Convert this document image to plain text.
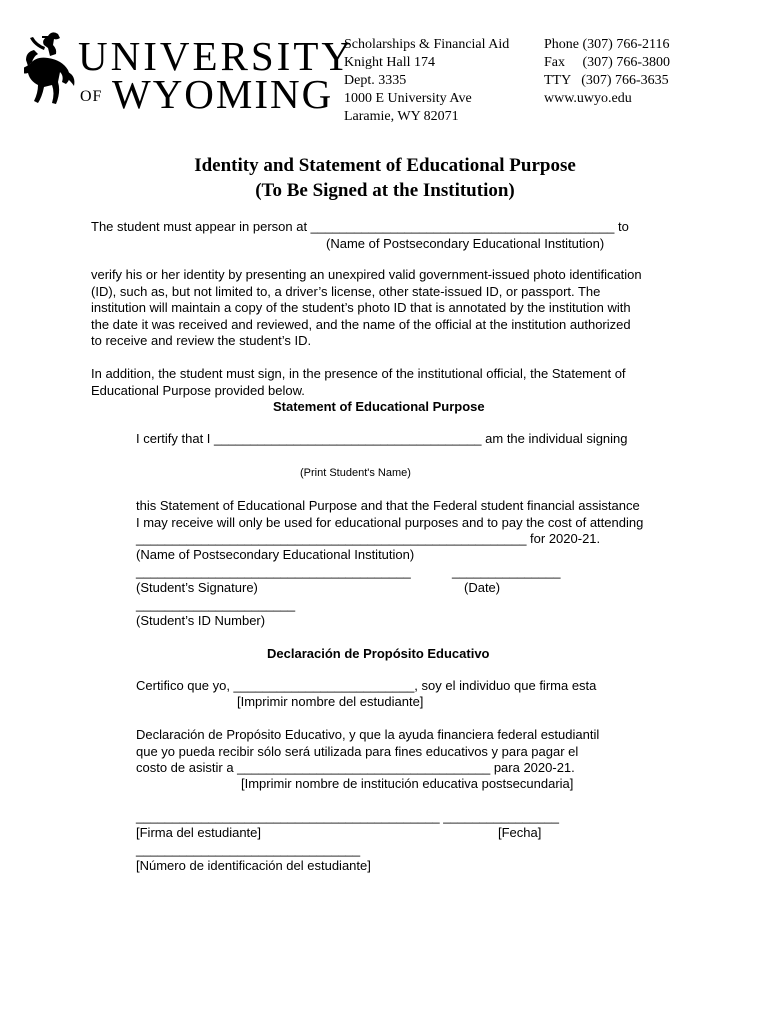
UNIVERSITY
OF WYOMING
Scholarships & Financial Aid
Knight Hall 174
Dept. 3335
1000 E University Ave
Laramie, WY 82071
Phone (307) 766-2116
Fax     (307) 766-3800
TTY   (307) 766-3635
www.uwyo.edu
Identity and Statement of Educational Purpose
(To Be Signed at the Institution)
The student must appear in person at __________________________________________ to
(Name of Postsecondary Educational Institution)
verify his or her identity by presenting an unexpired valid government-issued photo identification
(ID), such as, but not limited to, a driver’s license, other state-issued ID, or passport. The
institution will maintain a copy of the student’s photo ID that is annotated by the institution with
the date it was received and reviewed, and the name of the official at the institution authorized
to receive and review the student’s ID.
In addition, the student must sign, in the presence of the institutional official, the Statement of
Educational Purpose provided below.
Statement of Educational Purpose
I certify that I _____________________________________ am the individual signing
(Print Student's Name)
this Statement of Educational Purpose and that the Federal student financial assistance
I may receive will only be used for educational purposes and to pay the cost of attending
______________________________________________________ for 2020-21.
(Name of Postsecondary Educational Institution)
______________________________________	_______________
(Student’s Signature)	(Date)
______________________
(Student’s ID Number)
Declaración de Propósito Educativo
Certifico que yo, _________________________, soy el individuo que firma esta
[Imprimir nombre del estudiante]
Declaración de Propósito Educativo, y que la ayuda financiera federal estudiantil
que yo pueda recibir sólo será utilizada para fines educativos y para pagar el
costo de asistir a ___________________________________ para 2020-21.
[Imprimir nombre de institución educativa postsecundaria]
__________________________________________ ________________
[Firma del estudiante]	[Fecha]
_______________________________
[Número de identificación del estudiante]
